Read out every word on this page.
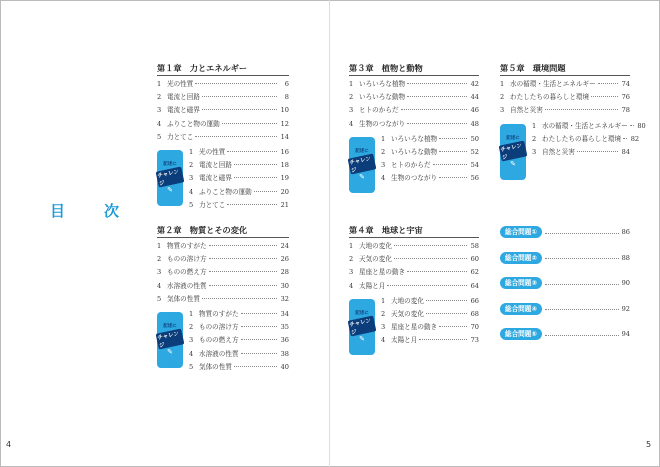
4	5
目　次
第１章　力とエネルギー
1 光の性質	6
2 電流と回路	8
3 電流と磁界	10
4 ふりこと物の運動	12
5 力とてこ	14
記述に
チャレンジ
✎
1 光の性質	16
2 電流と回路	18
3 電流と磁界	19
4 ふりこと物の運動	20
5 力とてこ	21
第２章　物質とその変化
1 物質のすがた	24
2 ものの溶け方	26
3 ものの燃え方	28
4 水溶液の性質	30
5 気体の性質	32
記述に
チャレンジ
✎
1 物質のすがた	34
2 ものの溶け方	35
3 ものの燃え方	36
4 水溶液の性質	38
5 気体の性質	40
第３章　植物と動物
1 いろいろな植物	42
2 いろいろな動物	44
3 ヒトのからだ	46
4 生物のつながり	48
記述に
チャレンジ
✎
1 いろいろな植物	50
2 いろいろな動物	52
3 ヒトのからだ	54
4 生物のつながり	56
第４章　地球と宇宙
1 大地の変化	58
2 天気の変化	60
3 星座と星の動き	62
4 太陽と月	64
記述に
チャレンジ
✎
1 大地の変化	66
2 天気の変化	68
3 星座と星の動き	70
4 太陽と月	73
第５章　環境問題
1 水の循環・生活とエネルギー	74
2 わたしたちの暮らしと環境	76
3 自然と災害	78
記述に
チャレンジ
✎
1 水の循環・生活とエネルギー 80
2 わたしたちの暮らしと環境 82
3 自然と災害	84
総合問題①	86
総合問題②	88
総合問題③	90
総合問題④	92
総合問題⑤	94
